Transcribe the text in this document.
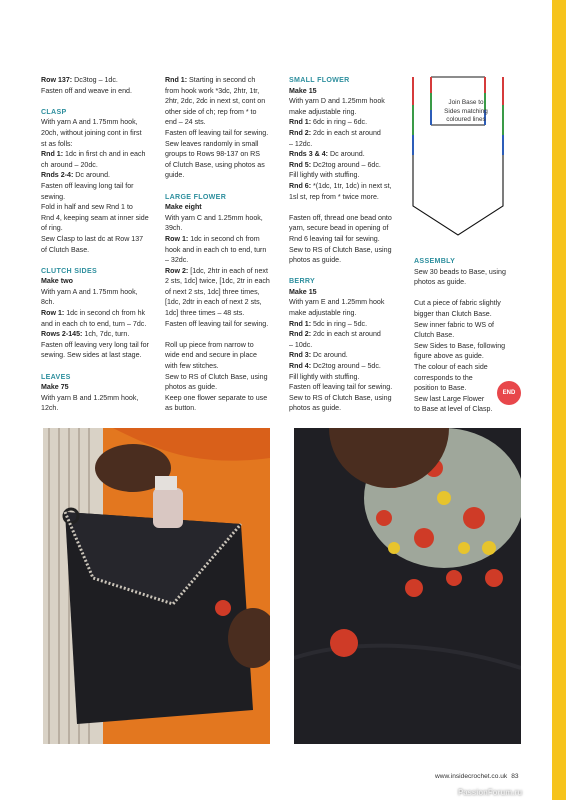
Row 137: Dc3tog – 1dc.

Fasten off and weave in end.

CLASP

With yarn A and 1.75mm hook,

20ch, without joining cont in first

st as folls:

Rnd 1: 1dc in first ch and in each

ch around – 20dc.

Rnds 2-4: Dc around.

Fasten off leaving long tail for

sewing.

Fold in half and sew Rnd 1 to

Rnd 4, keeping seam at inner side

of ring.

Sew Clasp to last dc at Row 137

of Clutch Base.

CLUTCH SIDES

Make two

With yarn A and 1.75mm hook,

8ch.

Row 1: 1dc in second ch from hk

and in each ch to end, turn – 7dc.

Rows 2-145: 1ch, 7dc, turn.

Fasten off leaving very long tail for

sewing. Sew sides at last stage.

LEAVES

Make 75

With yarn B and 1.25mm hook,

12ch.

Rnd 1: Starting in second ch

from hook work *3dc, 2htr, 1tr,

2htr, 2dc, 2dc in next st, cont on

other side of ch; rep from * to

end – 24 sts.

Fasten off leaving tail for sewing.

Sew leaves randomly in small

groups to Rows 98-137 on RS

of Clutch Base, using photos as

guide.

LARGE FLOWER

Make eight

With yarn C and 1.25mm hook,

39ch.

Row 1: 1dc in second ch from

hook and in each ch to end, turn

– 32dc.

Row 2: [1dc, 2htr in each of next

2 sts, 1dc] twice, [1dc, 2tr in each

of next 2 sts, 1dc] three times,

[1dc, 2dtr in each of next 2 sts,

1dc] three times – 48 sts.

Fasten off leaving tail for sewing.

Roll up piece from narrow to

wide end and secure in place

with few stitches.

Sew to RS of Clutch Base, using

photos as guide.

Keep one flower separate to use

as button.

SMALL FLOWER

Make 15

With yarn D and 1.25mm hook

make adjustable ring.

Rnd 1: 6dc in ring – 6dc.

Rnd 2: 2dc in each st around

– 12dc.

Rnds 3 & 4: Dc around.

Rnd 5: Dc2tog around – 6dc.

Fill lightly with stuffing.

Rnd 6: *(1dc, 1tr, 1dc) in next st,

1sl st, rep from * twice more.

Fasten off, thread one bead onto

yarn, secure bead in opening of

Rnd 6 leaving tail for sewing.

Sew to RS of Clutch Base, using

photos as guide.

BERRY

Make 15

With yarn E and 1.25mm hook

make adjustable ring.

Rnd 1: 5dc in ring – 5dc.

Rnd 2: 2dc in each st around

– 10dc.

Rnd 3: Dc around.

Rnd 4: Dc2tog around – 5dc.

Fill lightly with stuffing.

Fasten off leaving tail for sewing.

Sew to RS of Clutch Base, using

photos as guide.

ASSEMBLY

Sew 30 beads to Base, using

photos as guide.

Cut a piece of fabric slightly

bigger than Clutch Base.

Sew inner fabric to WS of

Clutch Base.

Sew Sides to Base, following

figure above as guide.

The colour of each side

corresponds to the

position to Base.

Sew last Large Flower

to Base at level of Clasp.

Join Base to
Sides matching
coloured lines
END
www.insidecrochet.co.uk 83
PassionForum.ru
